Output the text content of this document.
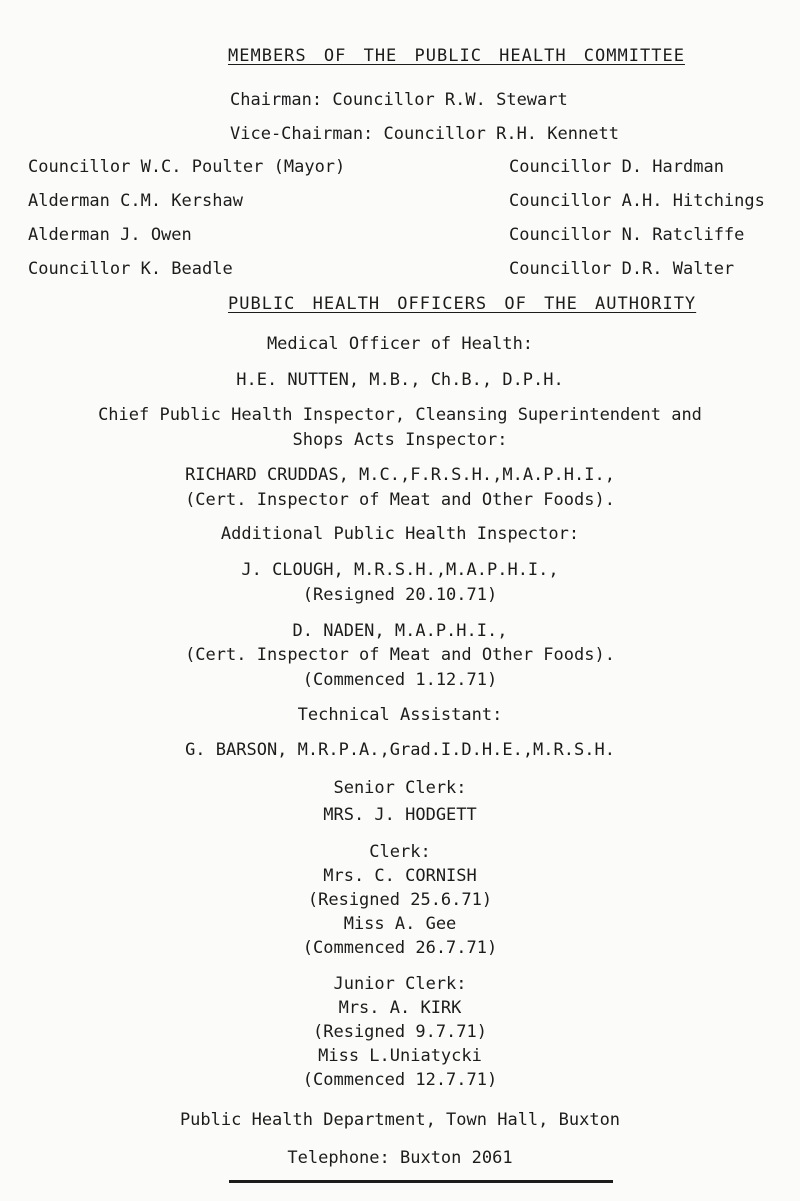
MEMBERS OF THE PUBLIC HEALTH COMMITTEE
Chairman: Councillor R.W. Stewart
Vice-Chairman: Councillor R.H. Kennett
Councillor W.C. Poulter (Mayor)
Alderman C.M. Kershaw
Alderman J. Owen
Councillor K. Beadle
Councillor D. Hardman
Councillor A.H. Hitchings
Councillor N. Ratcliffe
Councillor D.R. Walter
PUBLIC HEALTH OFFICERS OF THE AUTHORITY
Medical Officer of Health:
H.E. NUTTEN, M.B., Ch.B., D.P.H.
Chief Public Health Inspector, Cleansing Superintendent and
Shops Acts Inspector:
RICHARD CRUDDAS, M.C.,F.R.S.H.,M.A.P.H.I.,
(Cert. Inspector of Meat and Other Foods).
Additional Public Health Inspector:
J. CLOUGH, M.R.S.H.,M.A.P.H.I.,
(Resigned 20.10.71)
D. NADEN, M.A.P.H.I.,
(Cert. Inspector of Meat and Other Foods).
(Commenced 1.12.71)
Technical Assistant:
G. BARSON, M.R.P.A.,Grad.I.D.H.E.,M.R.S.H.
Senior Clerk:
MRS. J. HODGETT
Clerk:
Mrs. C. CORNISH
(Resigned 25.6.71)
Miss A. Gee
(Commenced 26.7.71)
Junior Clerk:
Mrs. A. KIRK
(Resigned 9.7.71)
Miss L.Uniatycki
(Commenced 12.7.71)
Public Health Department, Town Hall, Buxton
Telephone: Buxton 2061
